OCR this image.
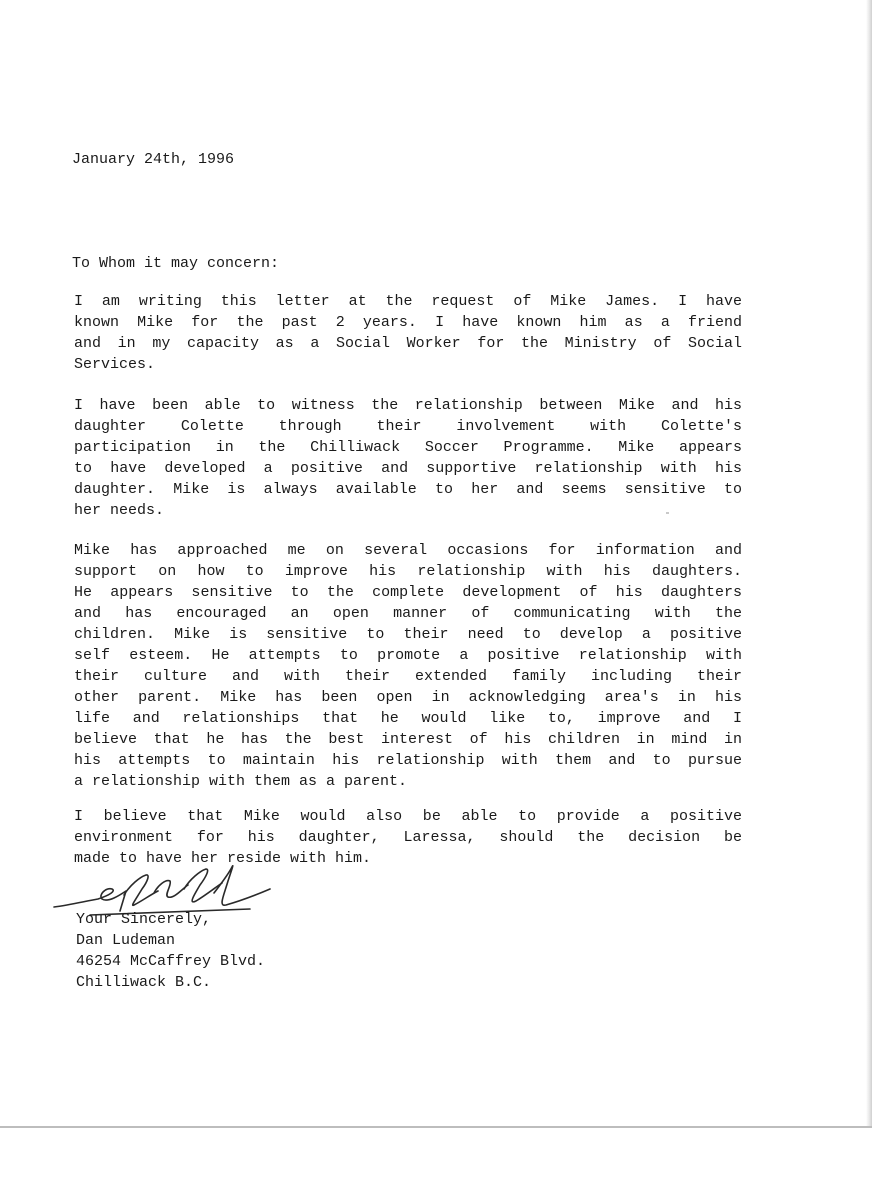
January 24th, 1996
To Whom it may concern:
I am writing this letter at the request of Mike James. I have
known Mike for the past 2 years. I have known him as a friend
and in my capacity as a Social Worker for the Ministry of Social
Services.
I have been able to witness the relationship between Mike and his
daughter Colette through their involvement with Colette's
participation in the Chilliwack Soccer Programme. Mike appears
to have developed a positive and supportive relationship with his
daughter. Mike is always available to her and seems sensitive to
her needs.
Mike has approached me on several occasions for information and
support on how to improve his relationship with his daughters.
He appears sensitive to the complete development of his daughters
and has encouraged an open manner of communicating with the
children. Mike is sensitive to their need to develop a positive
self esteem. He attempts to promote a positive relationship with
their culture and with their extended family including their
other parent. Mike has been open in acknowledging area's in his
life and relationships that he would like to, improve and I
believe that he has the best interest of his children in mind in
his attempts to maintain his relationship with them and to pursue
a relationship with them as a parent.
I believe that Mike would also be able to provide a positive
environment for his daughter, Laressa, should the decision be
made to have her reside with him.
Your Sincerely,
Dan Ludeman
46254 McCaffrey Blvd.
Chilliwack B.C.
